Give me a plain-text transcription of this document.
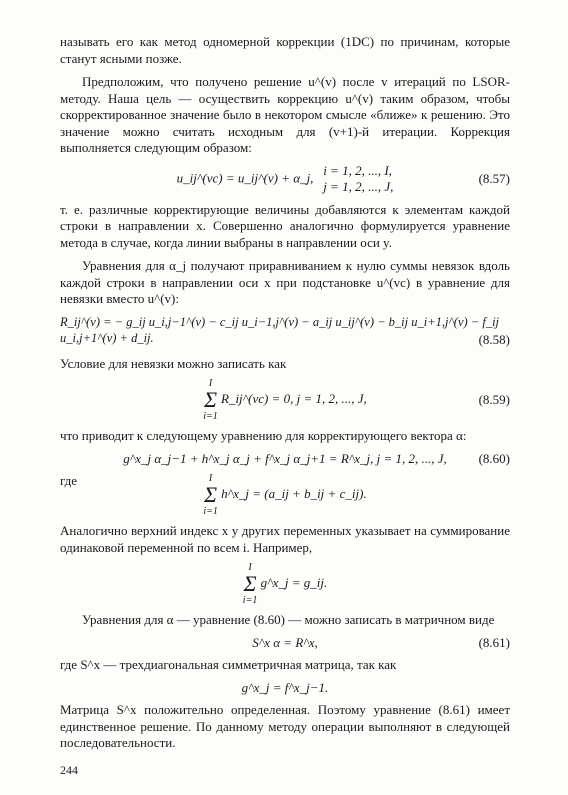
называть его как метод одномерной коррекции (1DC) по причинам, которые станут ясными позже.

Предположим, что получено решение u^(v) после v итераций по LSOR-методу. Наша цель — осуществить коррекцию u^(v) таким образом, чтобы скорректированное значение было в некотором смысле «ближе» к решению. Это значение можно считать исходным для (v+1)-й итерации. Коррекция выполняется следующим образом:

u_ij^(vc) = u_ij^(v) + α_j, i = 1, 2, ..., I,
j = 1, 2, ..., J,
(8.57)

т. е. различные корректирующие величины добавляются к элементам каждой строки в направлении x. Совершенно аналогично формулируется уравнение метода в случае, когда линии выбраны в направлении оси y.

Уравнения для α_j получают приравниванием к нулю суммы невязок вдоль каждой строки в направлении оси x при подстановке u^(vc) в уравнение для невязки вместо u^(v):

R_ij^(v) = − g_ij u_i,j−1^(v) − c_ij u_i−1,j^(v) − a_ij u_ij^(v) − b_ij u_i+1,j^(v) − f_ij u_i,j+1^(v) + d_ij.	(8.58)

Условие для невязки можно записать как

I
Σ
i=1 R_ij^(vc) = 0, j = 1, 2, ..., J,	(8.59)

что приводит к следующему уравнению для корректирующего вектора α:

g^x_j α_j−1 + h^x_j α_j + f^x_j α_j+1 = R^x_j, j = 1, 2, ..., J,	(8.60)
где	I
Σ
i=1 h^x_j = (a_ij + b_ij + c_ij).

Аналогично верхний индекс x у других переменных указывает на суммирование одинаковой переменной по всем i. Например,

I
Σ
i=1 g^x_j = g_ij.

Уравнения для α — уравнение (8.60) — можно записать в матричном виде

S^x α = R^x,	(8.61)

где S^x — трехдиагональная симметричная матрица, так как

g^x_j = f^x_j−1.

Матрица S^x положительно определенная. Поэтому уравнение (8.61) имеет единственное решение. По данному методу операции выполняют в следующей последовательности.

244
